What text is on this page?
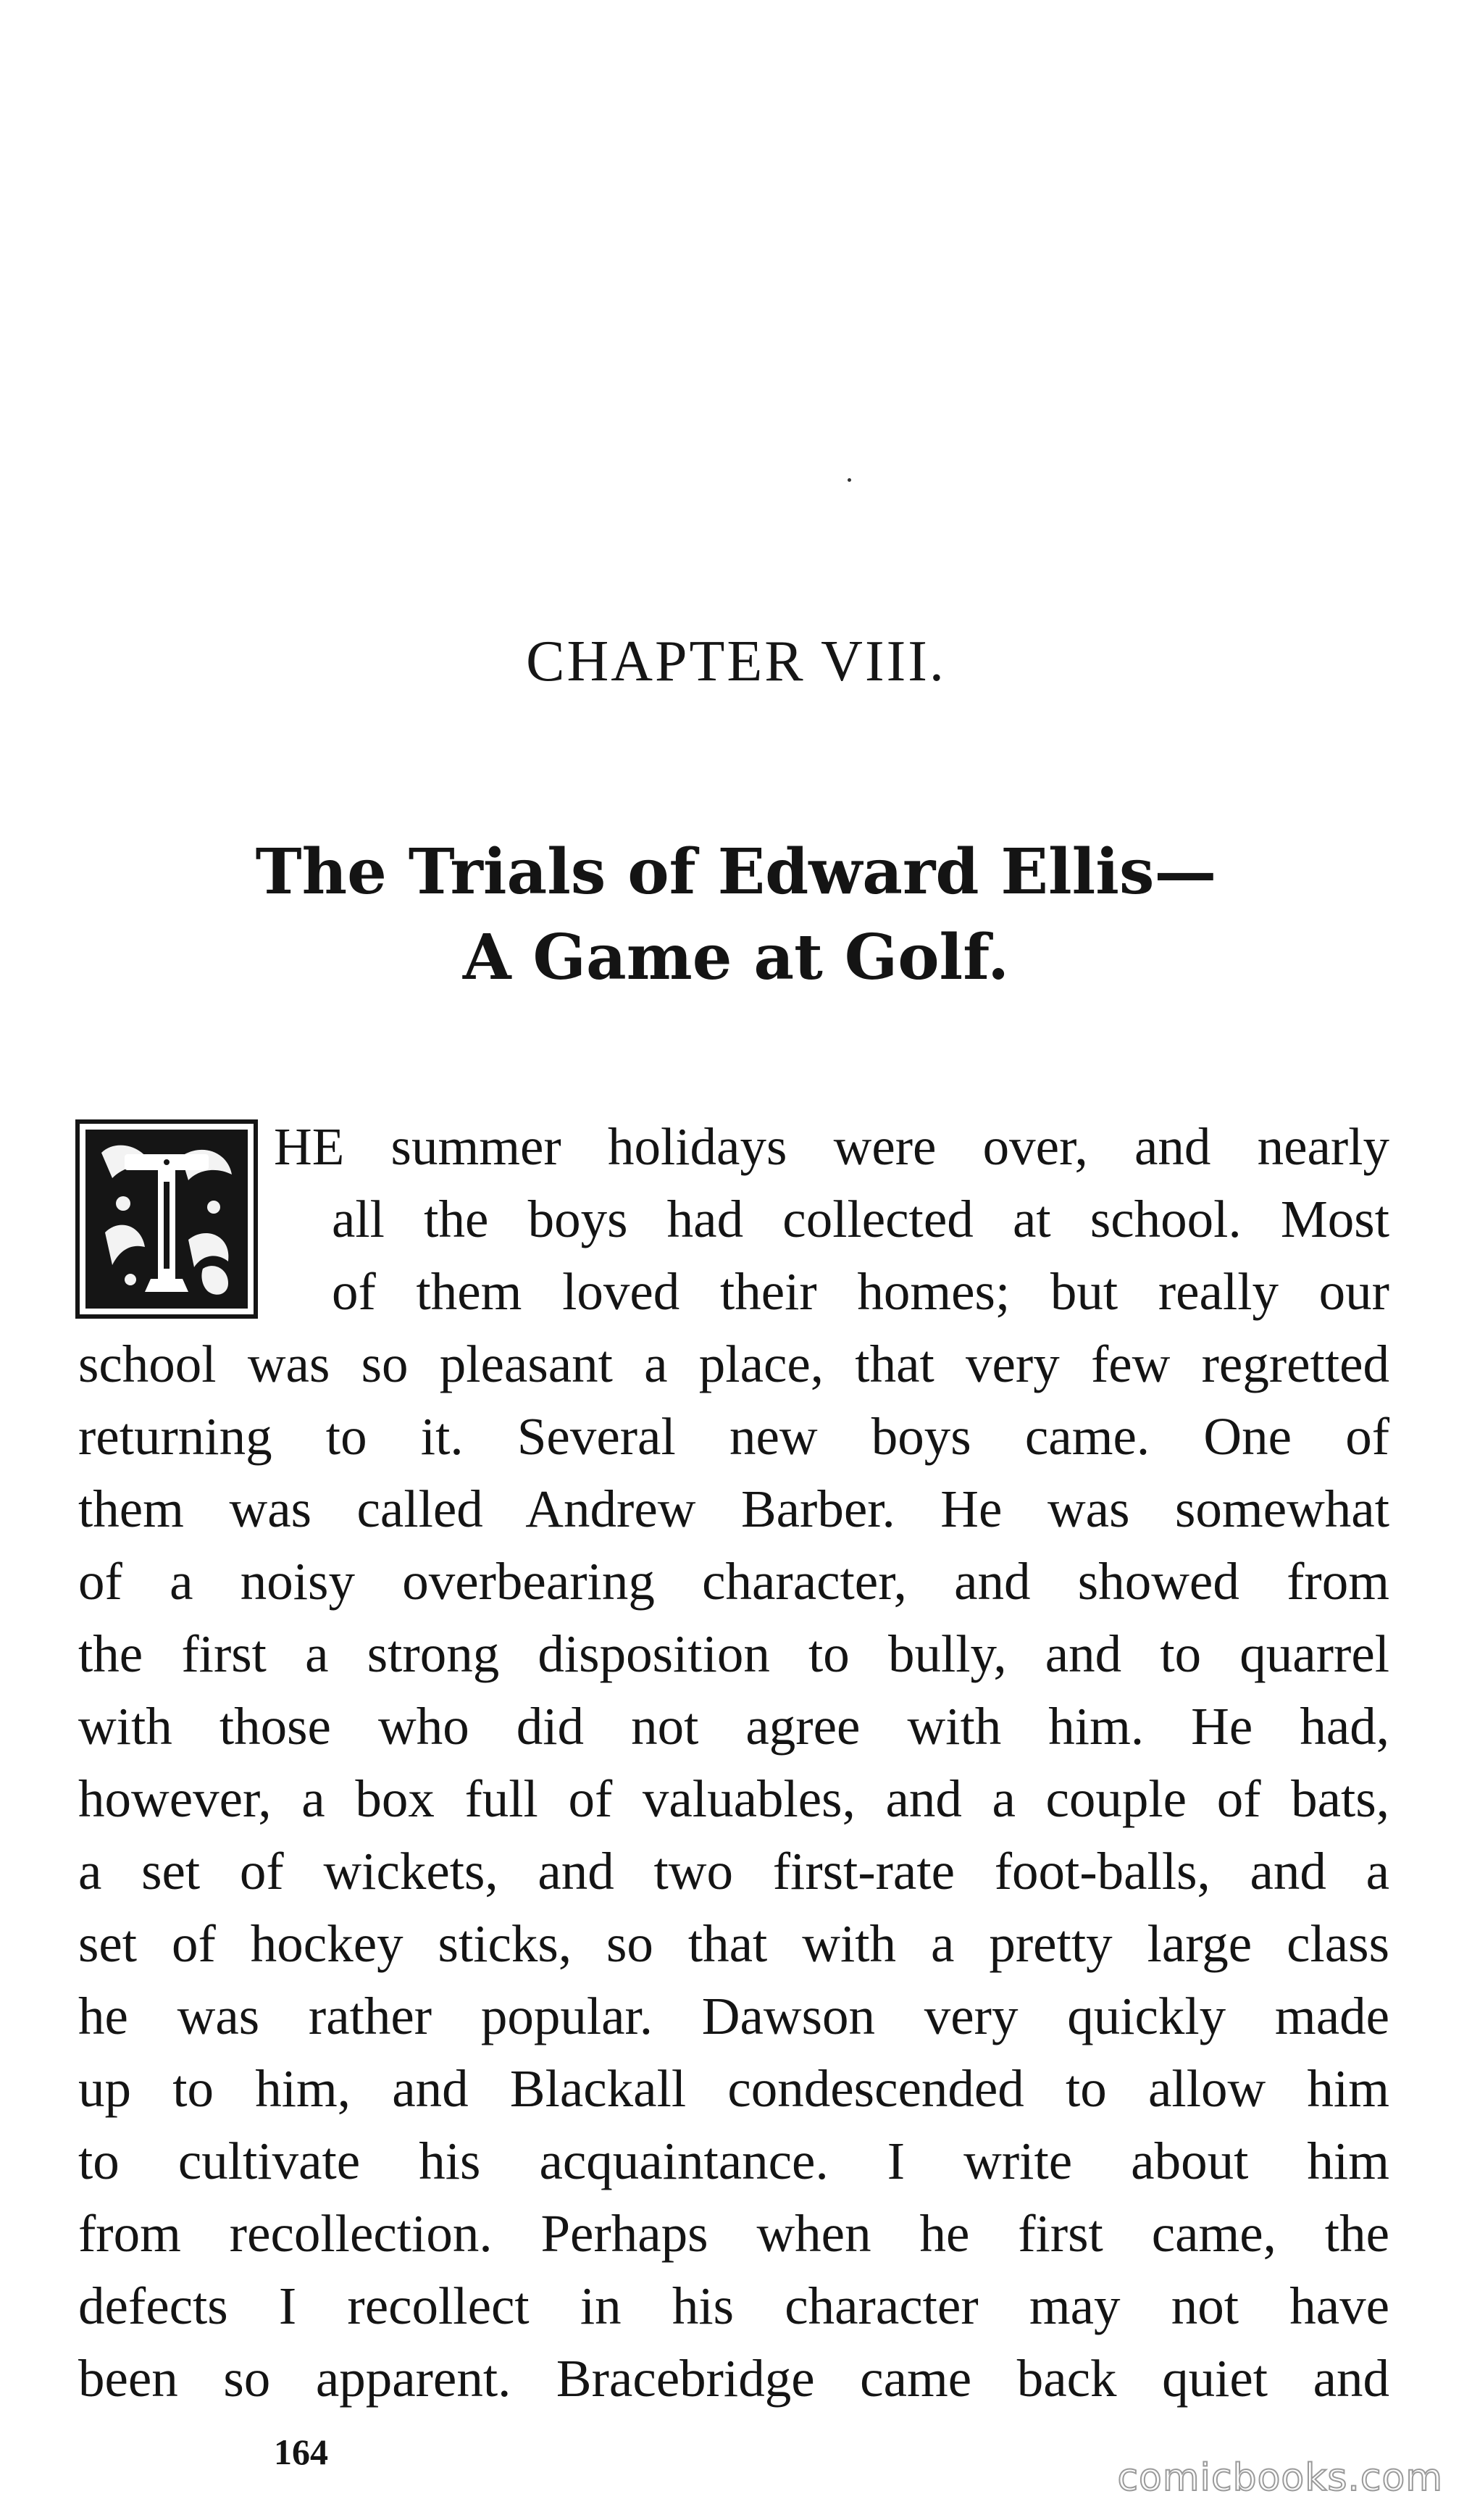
CHAPTER VIII.
The Trials of Edward Ellis—
A Game at Golf.
HE summer holidays were over, and nearly
all the boys had collected at school. Most
of them loved their homes; but really our
school was so pleasant a place, that very few regretted
returning to it. Several new boys came. One of
them was called Andrew Barber. He was somewhat
of a noisy overbearing character, and showed from
the first a strong disposition to bully, and to quarrel
with those who did not agree with him. He had,
however, a box full of valuables, and a couple of bats,
a set of wickets, and two first-rate foot-balls, and a
set of hockey sticks, so that with a pretty large class
he was rather popular. Dawson very quickly made
up to him, and Blackall condescended to allow him
to cultivate his acquaintance. I write about him
from recollection. Perhaps when he first came, the
defects I recollect in his character may not have
been so apparent. Bracebridge came back quiet and
164
comicbooks.com
